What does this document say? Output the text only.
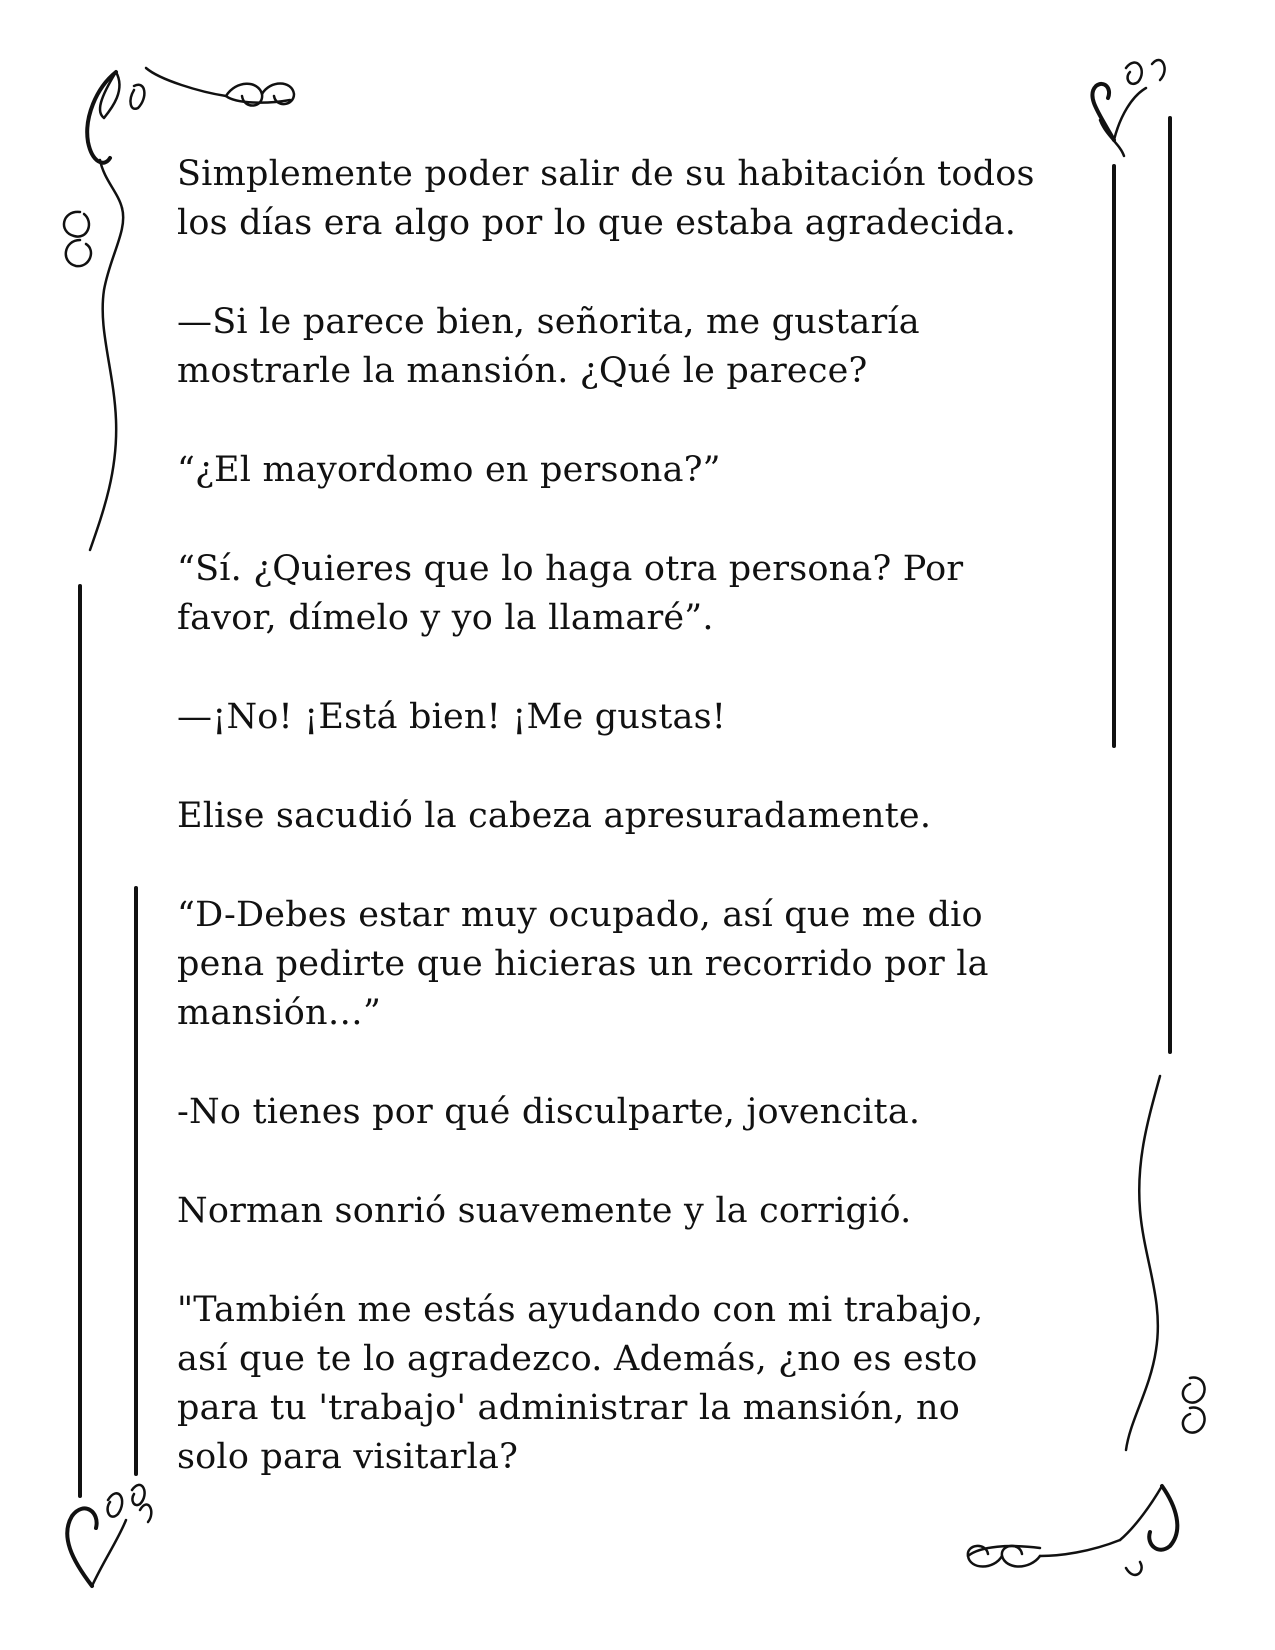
Simplemente poder salir de su habitación todos
los días era algo por lo que estaba agradecida.

—Si le parece bien, señorita, me gustaría
mostrarle la mansión. ¿Qué le parece?

“¿El mayordomo en persona?”

“Sí. ¿Quieres que lo haga otra persona? Por
favor, dímelo y yo la llamaré”.

—¡No! ¡Está bien! ¡Me gustas!

Elise sacudió la cabeza apresuradamente.

“D-Debes estar muy ocupado, así que me dio
pena pedirte que hicieras un recorrido por la
mansión…”

-No tienes por qué disculparte, jovencita.

Norman sonrió suavemente y la corrigió.

"También me estás ayudando con mi trabajo,
así que te lo agradezco. Además, ¿no es esto
para tu 'trabajo' administrar la mansión, no
solo para visitarla?
